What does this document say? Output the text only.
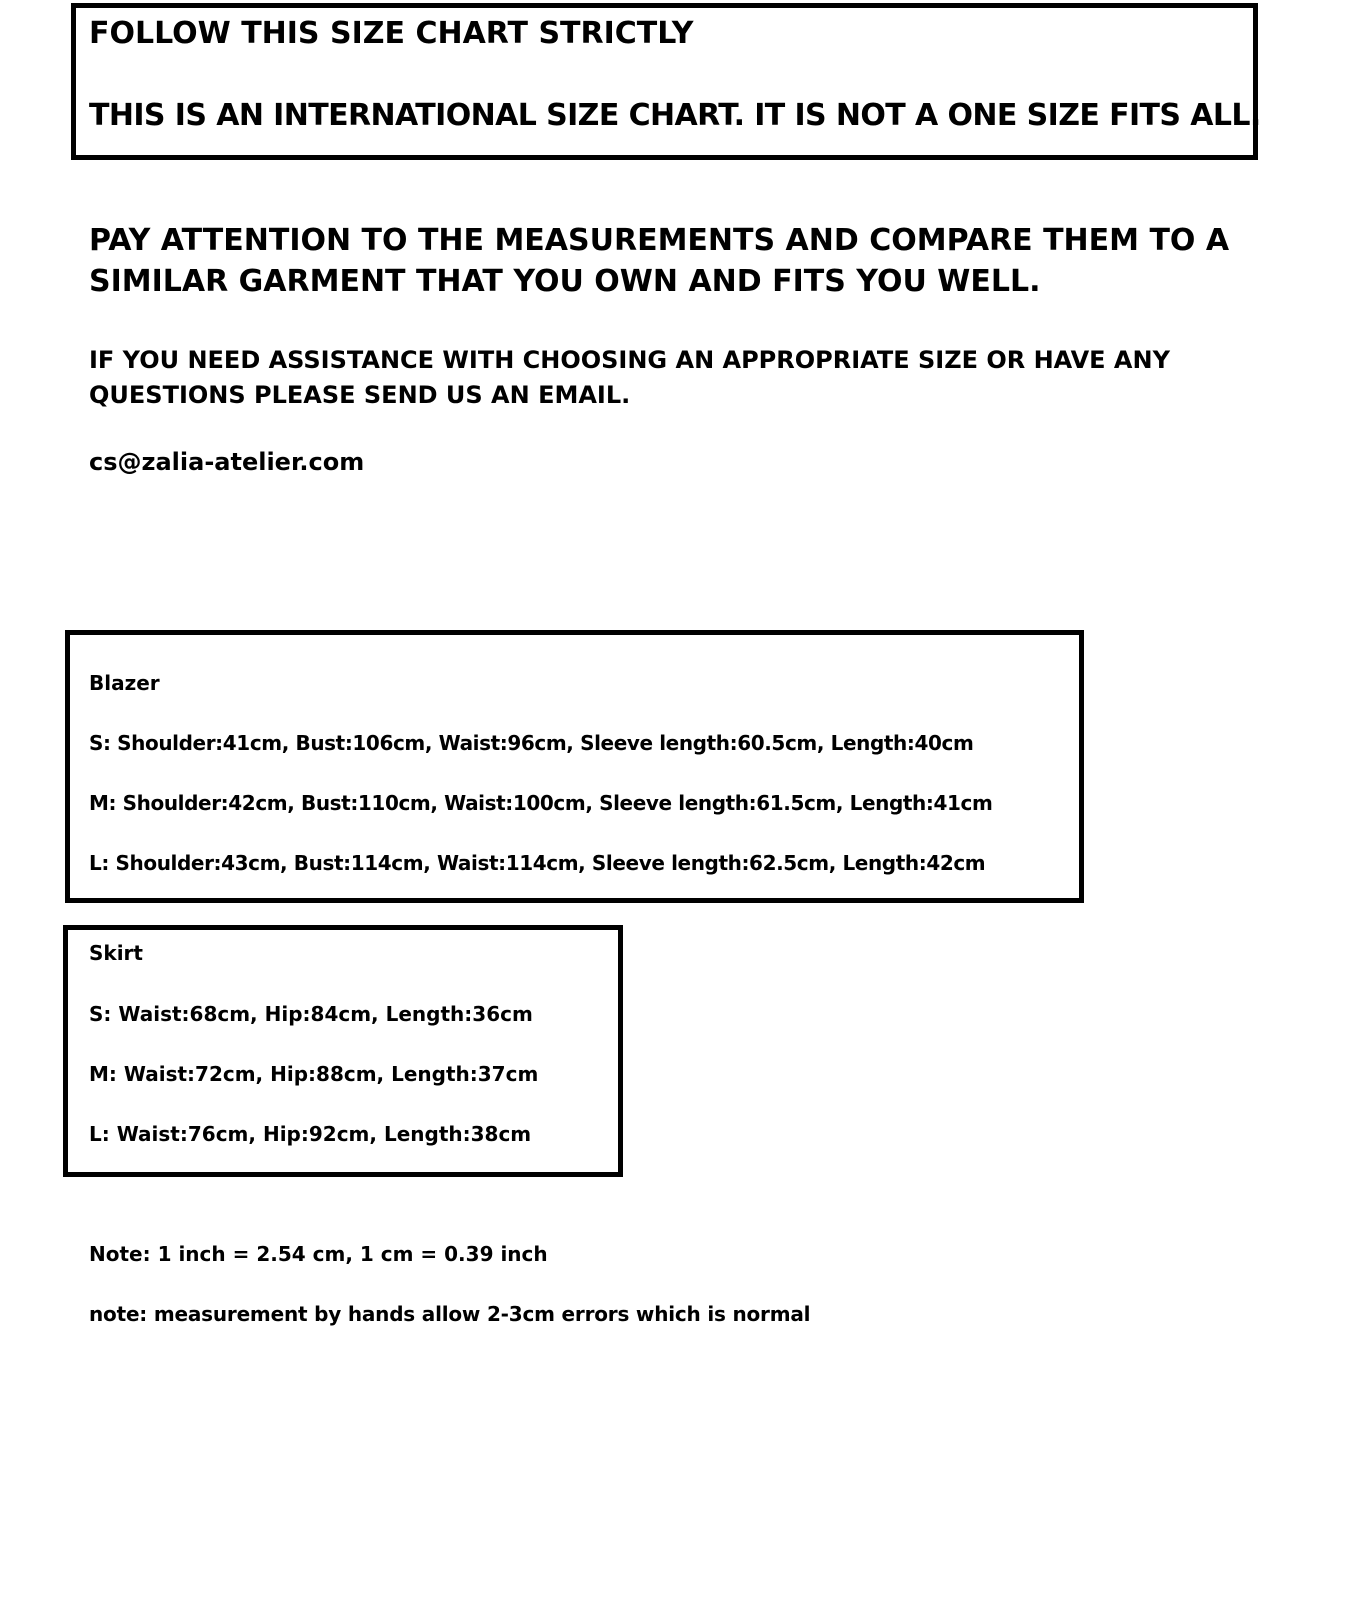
FOLLOW THIS SIZE CHART STRICTLY
THIS IS AN INTERNATIONAL SIZE CHART. IT IS NOT A ONE SIZE FITS ALL.
PAY ATTENTION TO THE MEASUREMENTS AND COMPARE THEM TO A SIMILAR GARMENT THAT YOU OWN AND FITS YOU WELL.
IF YOU NEED ASSISTANCE WITH CHOOSING AN APPROPRIATE SIZE OR HAVE ANY QUESTIONS PLEASE SEND US AN EMAIL.
cs@zalia-atelier.com
Blazer
S: Shoulder:41cm, Bust:106cm, Waist:96cm, Sleeve length:60.5cm, Length:40cm
M: Shoulder:42cm, Bust:110cm, Waist:100cm, Sleeve length:61.5cm, Length:41cm
L: Shoulder:43cm, Bust:114cm, Waist:114cm, Sleeve length:62.5cm, Length:42cm
Skirt
S: Waist:68cm, Hip:84cm, Length:36cm
M: Waist:72cm, Hip:88cm, Length:37cm
L: Waist:76cm, Hip:92cm, Length:38cm
Note: 1 inch = 2.54 cm, 1 cm = 0.39 inch
note: measurement by hands allow 2-3cm errors which is normal
